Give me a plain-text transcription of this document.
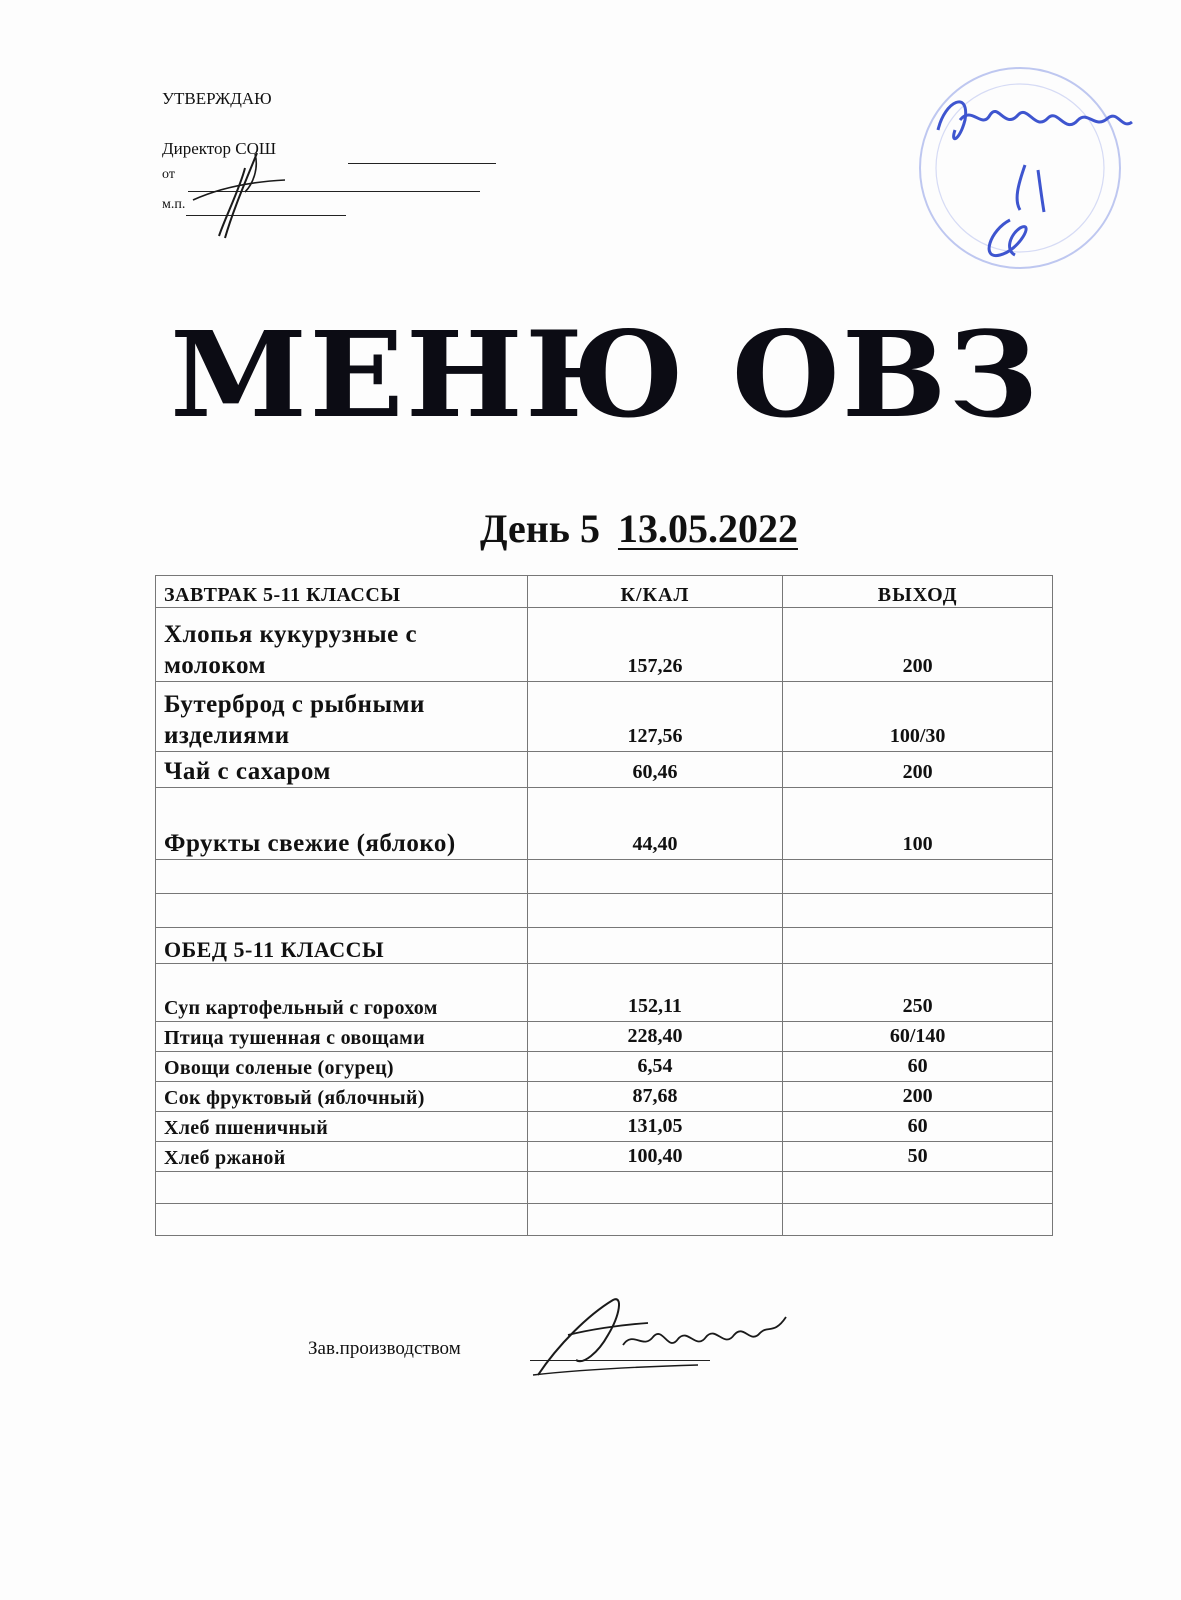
УТВЕРЖДАЮ
Директор СОШ
от
м.п.
МЕНЮ ОВЗ
День 5 13.05.2022
ЗАВТРАК 5-11 КЛАССЫ	К/КАЛ	ВЫХОД
Хлопья кукурузные с молоком	157,26	200
Бутерброд с рыбными изделиями	127,56	100/30
Чай с сахаром	60,46	200
Фрукты свежие (яблоко)	44,40	100

ОБЕД 5-11 КЛАССЫ		
Суп картофельный с горохом	152,11	250
Птица тушенная с овощами	228,40	60/140
Овощи соленые (огурец)	6,54	60
Сок фруктовый (яблочный)	87,68	200
Хлеб пшеничный	131,05	60
Хлеб ржаной	100,40	50

Зав.производством
